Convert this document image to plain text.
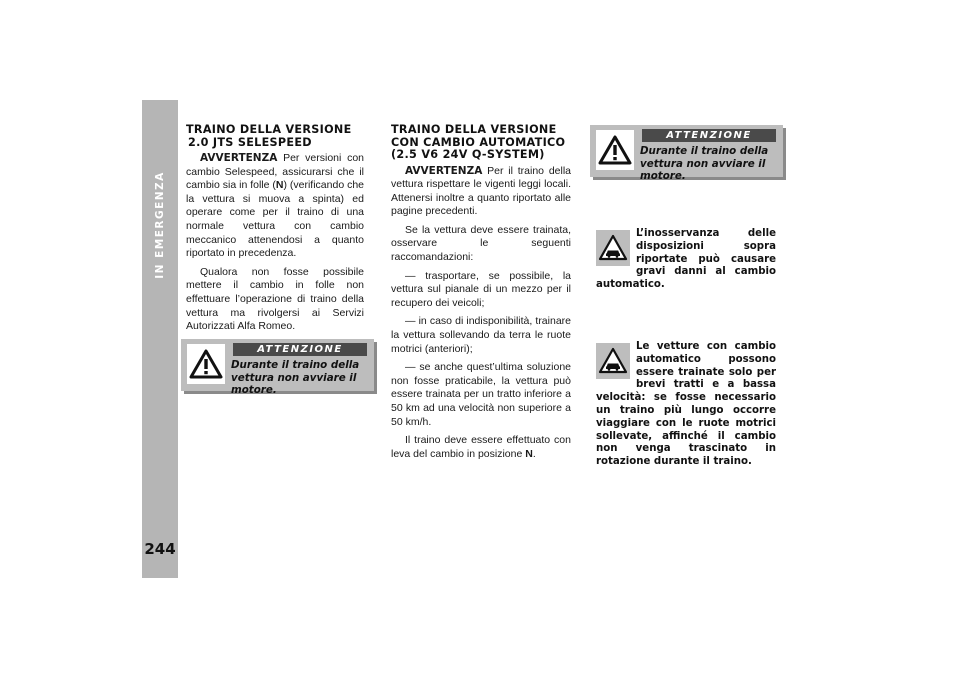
IN EMERGENZA
244
TRAINO DELLA VERSIONE
2.0 JTS SELESPEED

AVVERTENZA Per versioni con cambio Selespeed, assicurarsi che il cambio sia in folle (N) (verificando che la vettura si muova a spinta) ed operare come per il traino di una normale vettura con cambio meccanico attenendosi a quanto riportato in precedenza.

Qualora non fosse possibile mettere il cambio in folle non effettuare l’operazione di traino della vettura ma rivolgersi ai Servizi Autorizzati Alfa Romeo.

ATTENZIONE
Durante il traino della vettura non avviare il motore.
TRAINO DELLA VERSIONE
CON CAMBIO AUTOMATICO
(2.5 V6 24V Q-SYSTEM)

AVVERTENZA Per il traino della vettura rispettare le vigenti leggi locali. Attenersi inoltre a quanto riportato alle pagine precedenti.

Se la vettura deve essere trainata, osservare le seguenti raccomandazioni:

— trasportare, se possibile, la vettura sul pianale di un mezzo per il recupero dei veicoli;

— in caso di indisponibilità, trainare la vettura sollevando da terra le ruote motrici (anteriori);

— se anche quest’ultima soluzione non fosse praticabile, la vettura può essere trainata per un tratto inferiore a 50 km ad una velocità non superiore a 50 km/h.

Il traino deve essere effettuato con leva del cambio in posizione N.

ATTENZIONE
Durante il traino della vettura non avviare il motore.
L’inosservanza delle disposizioni sopra riportate può causare gravi danni al cambio automatico.
Le vetture con cambio automatico possono essere trainate solo per brevi tratti e a bassa velocità: se fosse necessario un traino più lungo occorre viaggiare con le ruote motrici sollevate, affinché il cambio non venga trascinato in rotazione durante il traino.
